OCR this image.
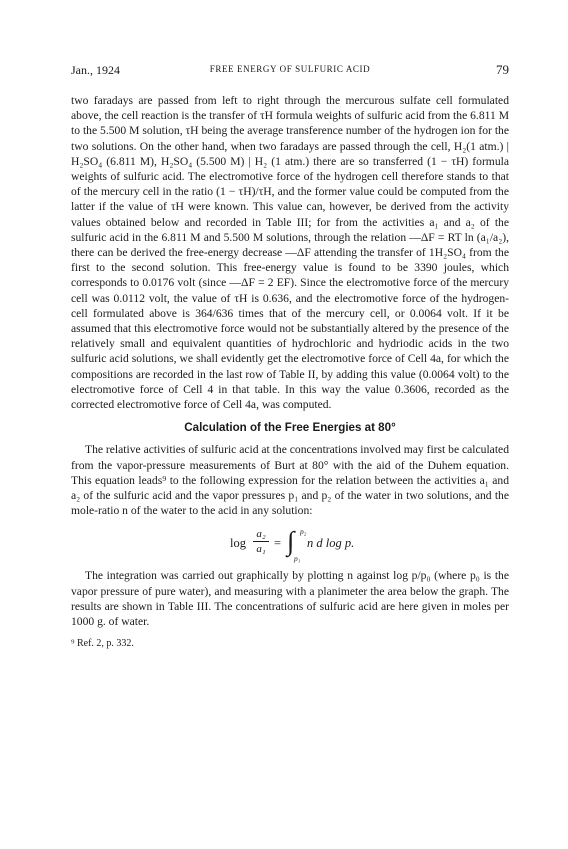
Jan., 1924	FREE ENERGY OF SULFURIC ACID	79

two faradays are passed from left to right through the mercurous sulfate cell formulated above, the cell reaction is the transfer of τH formula weights of sulfuric acid from the 6.811 M to the 5.500 M solution, τH being the average transference number of the hydrogen ion for the two solutions. On the other hand, when two faradays are passed through the cell, H₂(1 atm.) | H₂SO₄ (6.811 M), H₂SO₄ (5.500 M) | H₂ (1 atm.) there are so transferred (1 − τH) formula weights of sulfuric acid. The electromotive force of the hydrogen cell therefore stands to that of the mercury cell in the ratio (1 − τH)/τH, and the former value could be computed from the latter if the value of τH were known. This value can, however, be derived from the activity values obtained below and recorded in Table III; for from the activities a₁ and a₂ of the sulfuric acid in the 6.811 M and 5.500 M solutions, through the relation —ΔF = RT ln (a₁/a₂), there can be derived the free-energy decrease —ΔF attending the transfer of 1H₂SO₄ from the first to the second solution. This free-energy value is found to be 3390 joules, which corresponds to 0.0176 volt (since —ΔF = 2 EF). Since the electromotive force of the mercury cell was 0.0112 volt, the value of τH is 0.636, and the electromotive force of the hydrogen-cell formulated above is 364/636 times that of the mercury cell, or 0.0064 volt. If it be assumed that this electromotive force would not be substantially altered by the presence of the relatively small and equivalent quantities of hydrochloric and hydriodic acids in the two sulfuric acid solutions, we shall evidently get the electromotive force of Cell 4a, for which the compositions are recorded in the last row of Table II, by adding this value (0.0064 volt) to the electromotive force of Cell 4 in that table. In this way the value 0.3606, recorded as the corrected electromotive force of Cell 4a, was computed.

Calculation of the Free Energies at 80°

The relative activities of sulfuric acid at the concentrations involved may first be calculated from the vapor-pressure measurements of Burt at 80° with the aid of the Duhem equation. This equation leads⁹ to the following expression for the relation between the activities a₁ and a₂ of the sulfuric acid and the vapor pressures p₁ and p₂ of the water in two solutions, and the mole-ratio n of the water to the acid in any solution:

$\log \frac{\text{a₂}}{\text{a₁}}$ = ∫ p₂
p₁
n d log p.

The integration was carried out graphically by plotting n against log p/p₀ (where p₀ is the vapor pressure of pure water), and measuring with a planimeter the area below the graph. The results are shown in Table III. The concentrations of sulfuric acid are here given in moles per 1000 g. of water.

⁹ Ref. 2, p. 332.
